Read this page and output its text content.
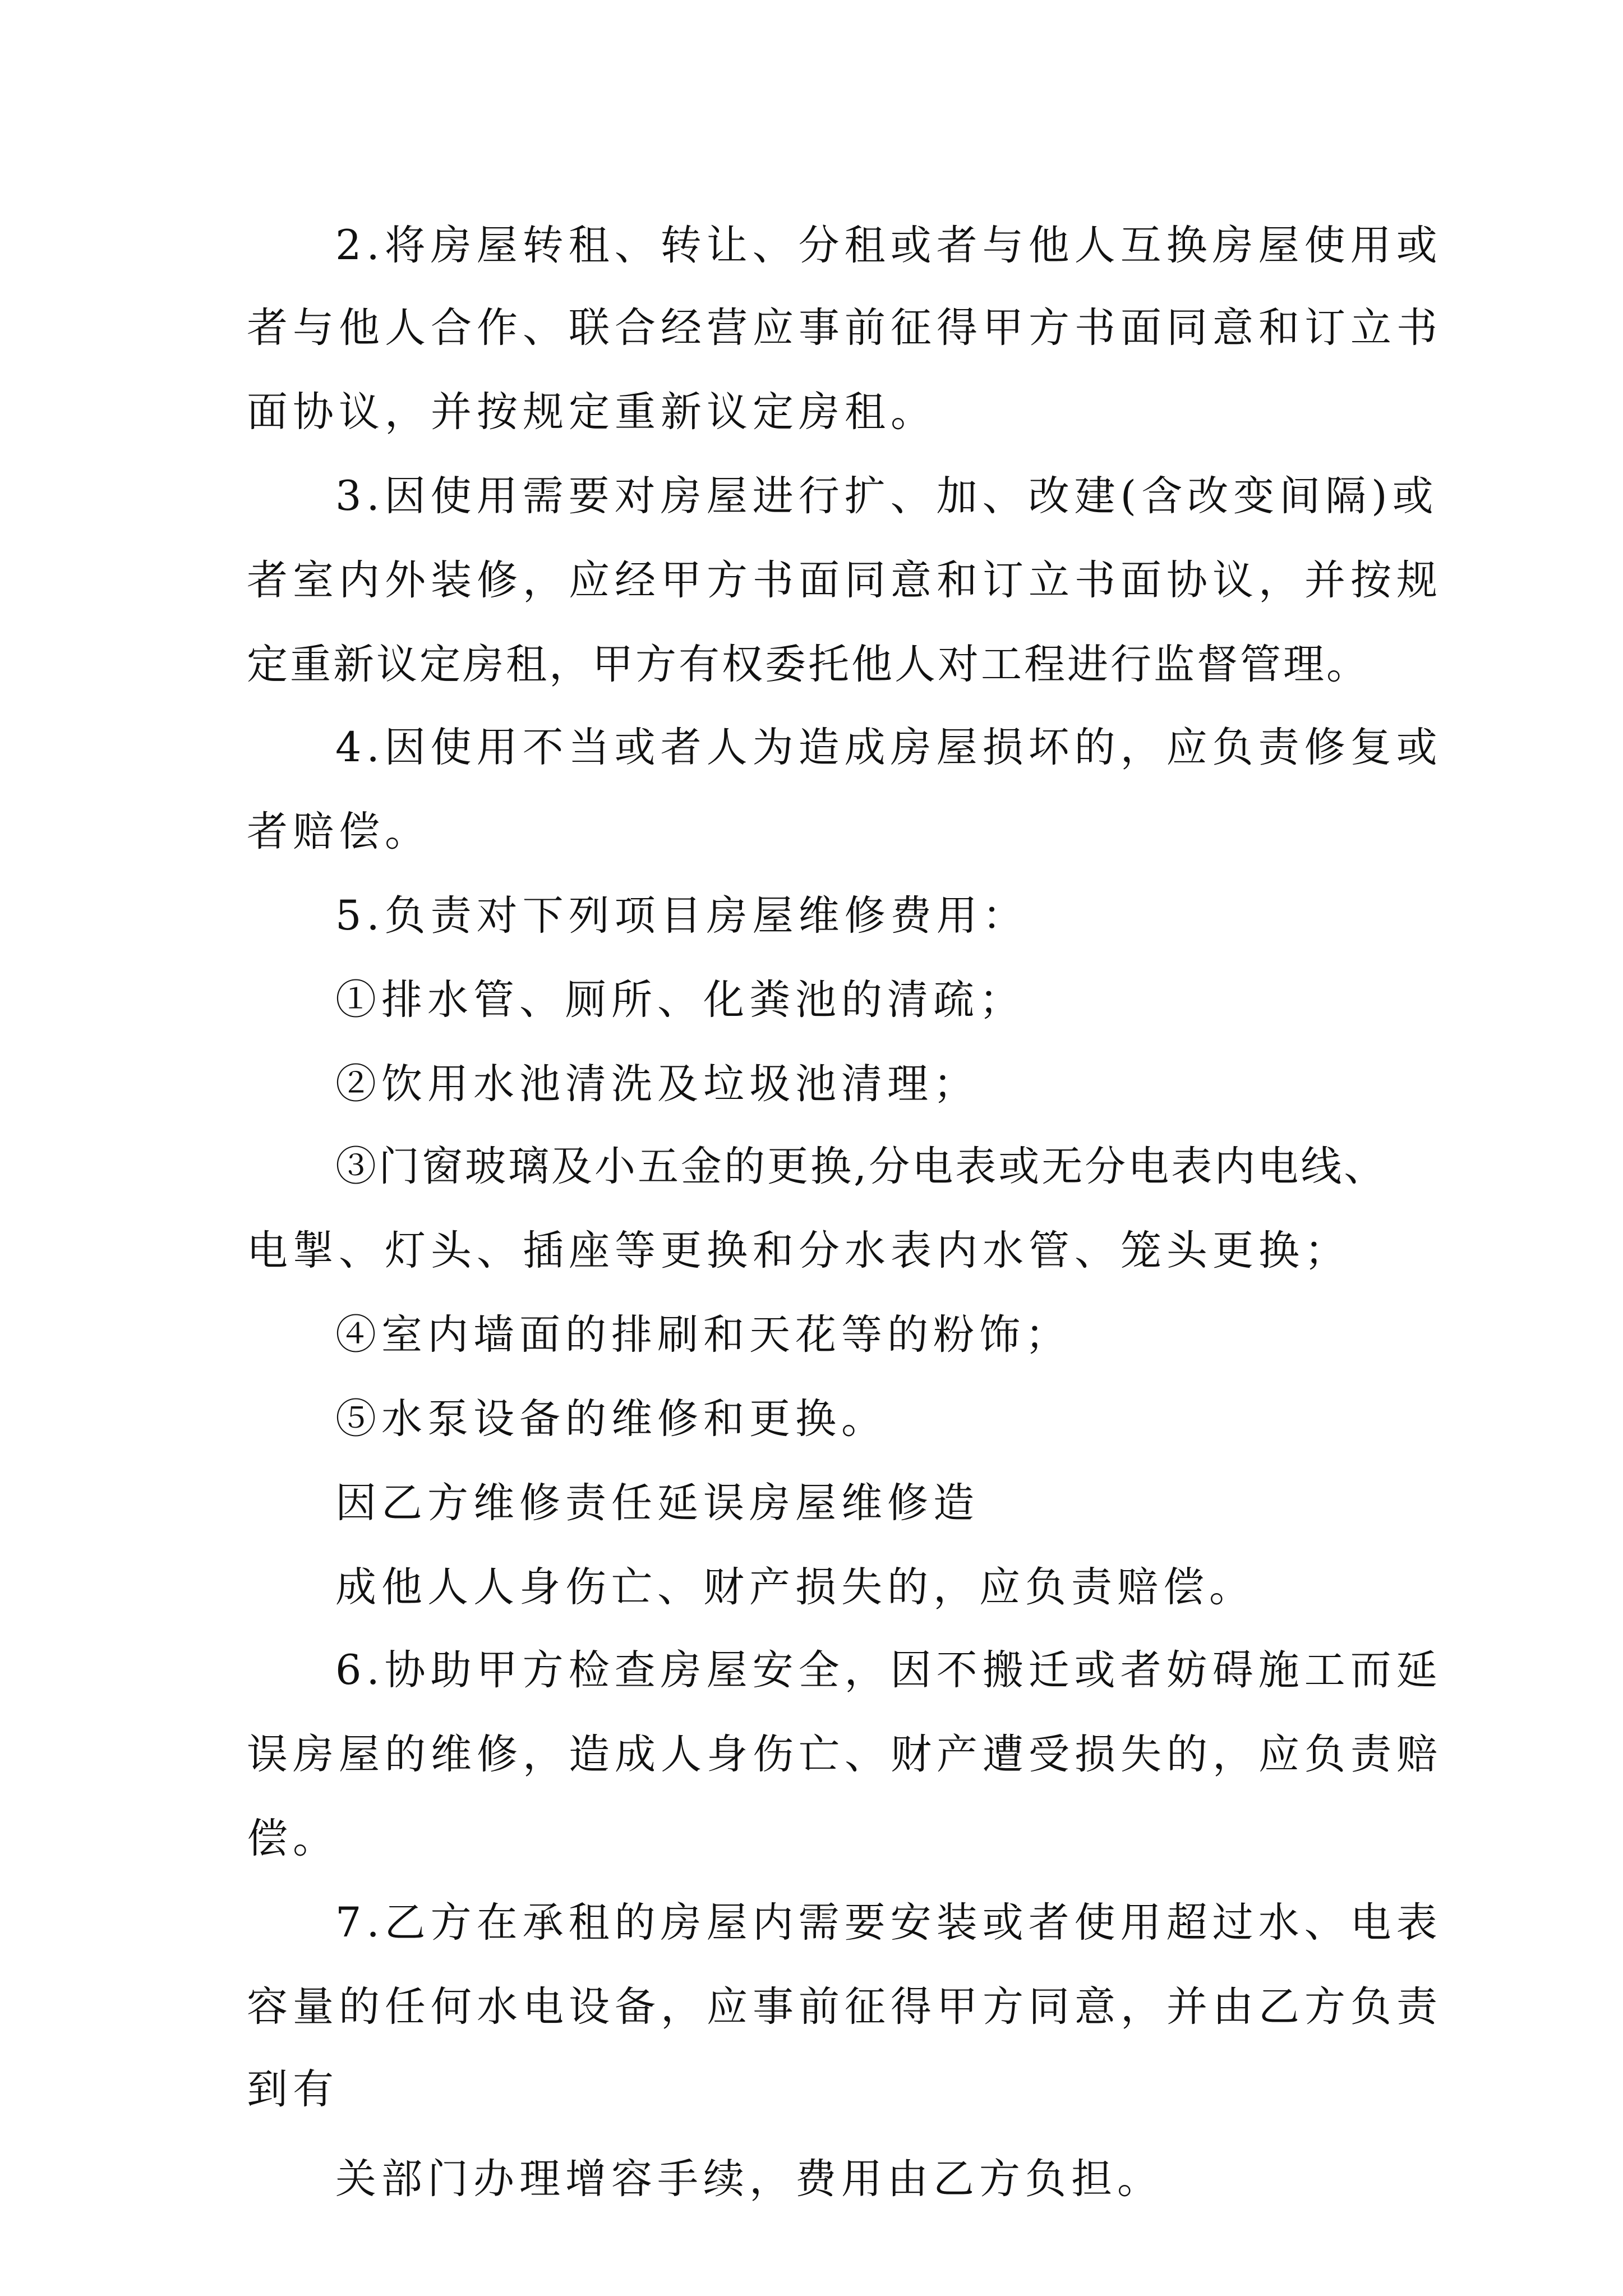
2.将房屋转租、转让、分租或者与他人互换房屋使用或
者与他人合作、联合经营应事前征得甲方书面同意和订立书
面协议，并按规定重新议定房租。
3.因使用需要对房屋进行扩、加、改建(含改变间隔)或
者室内外装修，应经甲方书面同意和订立书面协议，并按规
定重新议定房租，甲方有权委托他人对工程进行监督管理。
4.因使用不当或者人为造成房屋损坏的，应负责修复或
者赔偿。
5.负责对下列项目房屋维修费用：
①排水管、厕所、化粪池的清疏；
②饮用水池清洗及垃圾池清理；
③门窗玻璃及小五金的更换,分电表或无分电表内电线、
电掣、灯头、插座等更换和分水表内水管、笼头更换；
④室内墙面的排刷和天花等的粉饰；
⑤水泵设备的维修和更换。
因乙方维修责任延误房屋维修造
成他人人身伤亡、财产损失的，应负责赔偿。
6.协助甲方检查房屋安全，因不搬迁或者妨碍施工而延
误房屋的维修，造成人身伤亡、财产遭受损失的，应负责赔
偿。
7.乙方在承租的房屋内需要安装或者使用超过水、电表
容量的任何水电设备，应事前征得甲方同意，并由乙方负责
到有
关部门办理增容手续，费用由乙方负担。
